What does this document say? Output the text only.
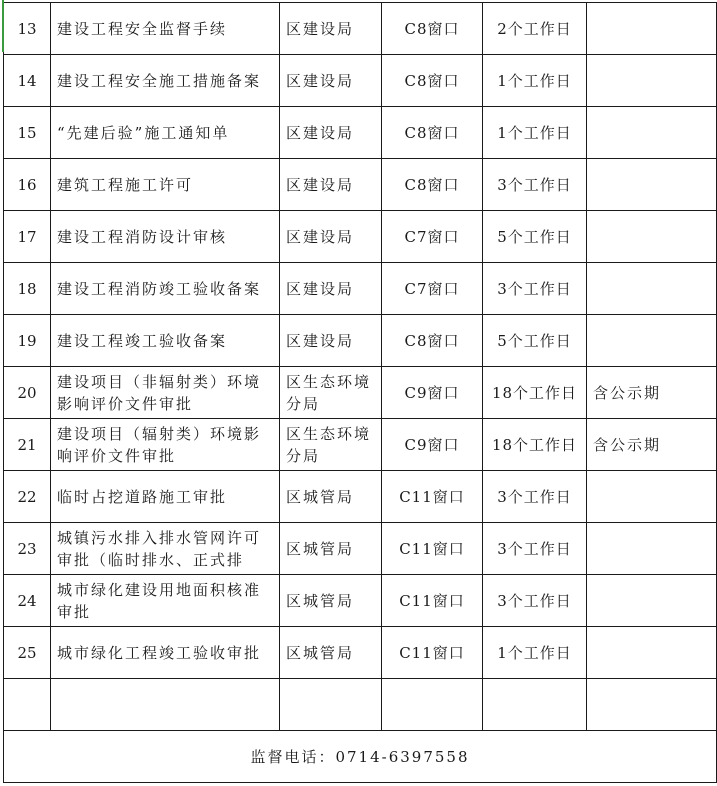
13	建设工程安全监督手续	区建设局	C8窗口	2个工作日	

14	建设工程安全施工措施备案	区建设局	C8窗口	1个工作日	

15	“先建后验”施工通知单	区建设局	C8窗口	1个工作日	

16	建筑工程施工许可	区建设局	C8窗口	3个工作日	

17	建设工程消防设计审核	区建设局	C7窗口	5个工作日	

18	建设工程消防竣工验收备案	区建设局	C7窗口	3个工作日	

19	建设工程竣工验收备案	区建设局	C8窗口	5个工作日	

20	建设项目（非辐射类）环境影响评价文件审批	区生态环境分局	C9窗口	18个工作日	含公示期

21	建设项目（辐射类）环境影响评价文件审批	区生态环境分局	C9窗口	18个工作日	含公示期

22	临时占挖道路施工审批	区城管局	C11窗口	3个工作日	

23	城镇污水排入排水管网许可审批（临时排水、正式排	区城管局	C11窗口	3个工作日	

24	城市绿化建设用地面积核准审批	区城管局	C11窗口	3个工作日	

25	城市绿化工程竣工验收审批	区城管局	C11窗口	1个工作日	

监督电话：0714-6397558					
